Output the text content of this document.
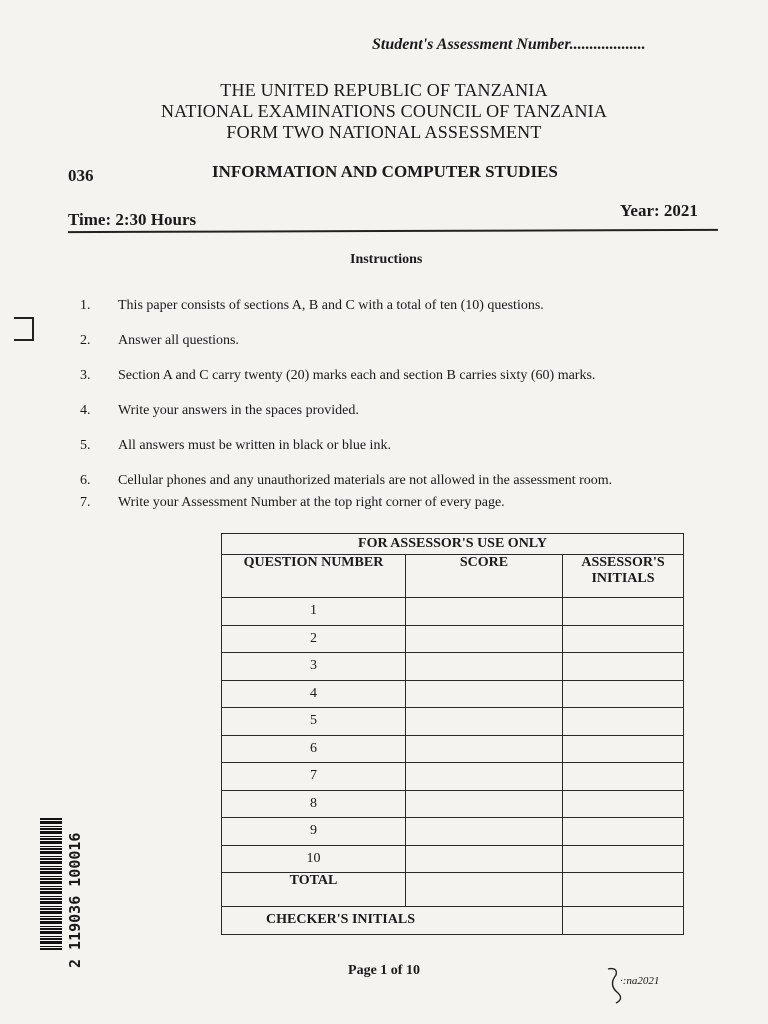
Student's Assessment Number...................
THE UNITED REPUBLIC OF TANZANIA
NATIONAL EXAMINATIONS COUNCIL OF TANZANIA
FORM TWO NATIONAL ASSESSMENT
036	INFORMATION AND COMPUTER STUDIES
Time: 2:30 Hours	Year: 2021
Instructions
1.	This paper consists of sections A, B and C with a total of ten (10) questions.
2.	Answer all questions.
3.	Section A and C carry twenty (20) marks each and section B carries sixty (60) marks.
4.	Write your answers in the spaces provided.
5.	All answers must be written in black or blue ink.
6.	Cellular phones and any unauthorized materials are not allowed in the assessment room.
7.	Write your Assessment Number at the top right corner of every page.
FOR ASSESSOR'S USE ONLY		
QUESTION NUMBER	SCORE	ASSESSOR'S INITIALS
1		
2		
3		
4		
5		
6		
7		
8		
9		
10		
TOTAL		
CHECKER'S INITIALS		
2 119036 100016
Page 1 of 10
·:na2021
